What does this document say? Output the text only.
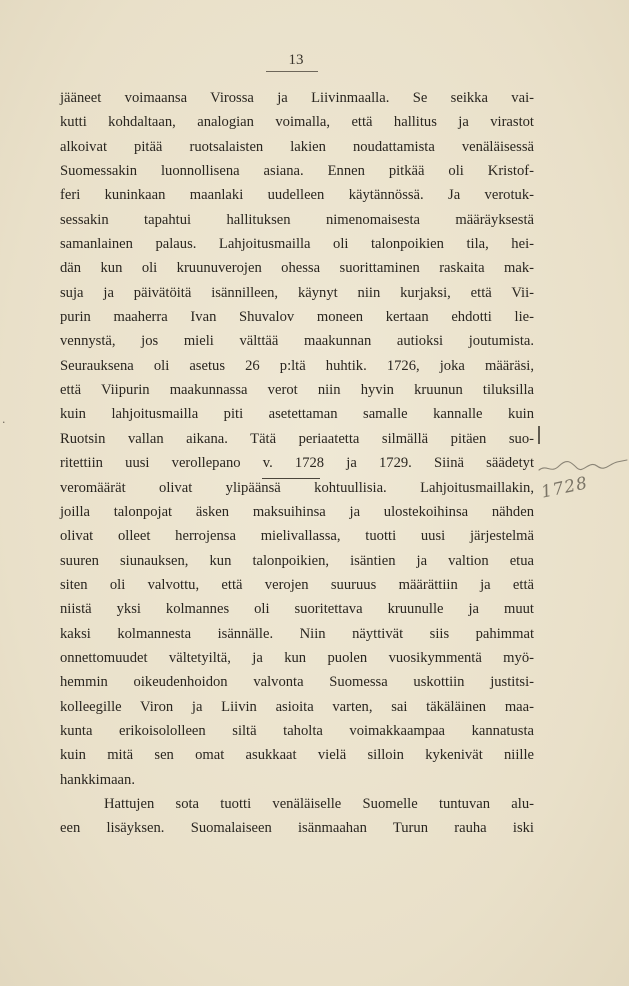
13
jääneet voimaansa Virossa ja Liivinmaalla. Se seikka vai-
kutti kohdaltaan, analogian voimalla, että hallitus ja virastot
alkoivat pitää ruotsalaisten lakien noudattamista venäläisessä
Suomessakin luonnollisena asiana. Ennen pitkää oli Kristof-
feri kuninkaan maanlaki uudelleen käytännössä. Ja verotuk-
sessakin tapahtui hallituksen nimenomaisesta määräyksestä
samanlainen palaus. Lahjoitusmailla oli talonpoikien tila, hei-
dän kun oli kruunuverojen ohessa suorittaminen raskaita mak-
suja ja päivätöitä isännilleen, käynyt niin kurjaksi, että Vii-
purin maaherra Ivan Shuvalov moneen kertaan ehdotti lie-
vennystä, jos mieli välttää maakunnan autioksi joutumista.
Seurauksena oli asetus 26 p:ltä huhtik. 1726, joka määräsi,
että Viipurin maakunnassa verot niin hyvin kruunun tiluksilla
kuin lahjoitusmailla piti asetettaman samalle kannalle kuin
Ruotsin vallan aikana. Tätä periaatetta silmällä pitäen suo-
ritettiin uusi verollepano v. 1728 ja 1729. Siinä säädetyt
veromäärät olivat ylipäänsä kohtuullisia. Lahjoitusmaillakin,
joilla talonpojat äsken maksuihinsa ja ulostekoihinsa nähden
olivat olleet herrojensa mielivallassa, tuotti uusi järjestelmä
suuren siunauksen, kun talonpoikien, isäntien ja valtion etua
siten oli valvottu, että verojen suuruus määrättiin ja että
niistä yksi kolmannes oli suoritettava kruunulle ja muut
kaksi kolmannesta isännälle. Niin näyttivät siis pahimmat
onnettomuudet vältetyiltä, ja kun puolen vuosikymmentä myö-
hemmin oikeudenhoidon valvonta Suomessa uskottiin justitsi-
kolleegille Viron ja Liivin asioita varten, sai täkäläinen maa-
kunta erikoisololleen siltä taholta voimakkaampaa kannatusta
kuin mitä sen omat asukkaat vielä silloin kykenivät niille
hankkimaan.
Hattujen sota tuotti venäläiselle Suomelle tuntuvan alu-
een lisäyksen. Suomalaiseen isänmaahan Turun rauha iski
·
1728
